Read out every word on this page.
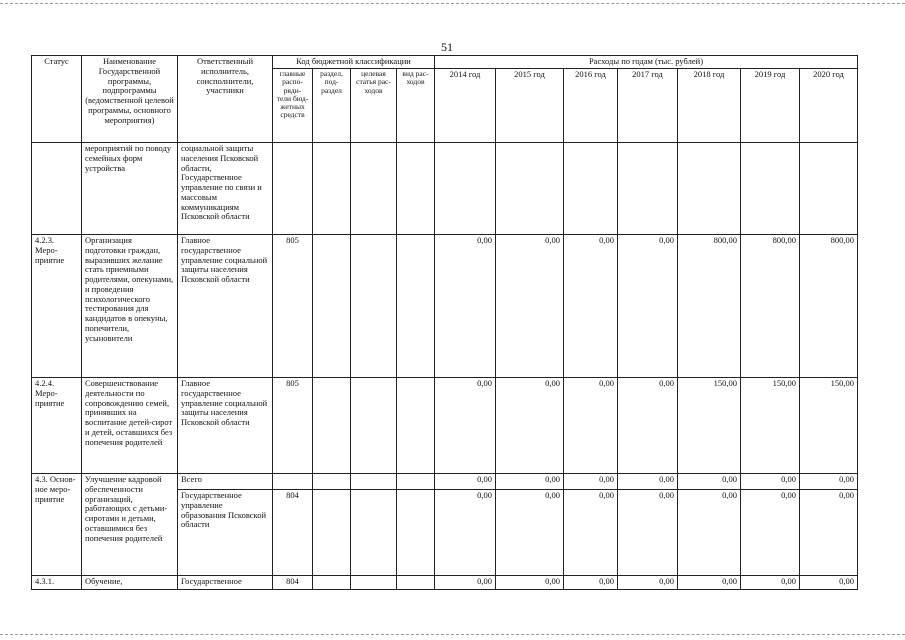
51
Статус	Наименование Государственной программы, подпрограммы (ведомственной целевой программы, основного мероприятия)	Ответственный исполнитель, соисполнители, участники	Код бюджетной классификации				Расходы по годам (тыс. рублей)						
			главные распо- ряди- тели бюд- жетных средств	раздел, под- раздел	целевая статья рас- ходов	вид рас- ходов	2014 год	2015 год	2016 год	2017 год	2018 год	2019 год	2020 год
	мероприятий по поводу семейных форм устройства	социальной защиты населения Псковской области, Государственное управление по связи и массовым коммуникациям Псковской области											
4.2.3. Меро- приятие	Организация подготовки граждан, выразивших желание стать приемными родителями, опекунами, и проведения психологического тестирования для кандидатов в опекуны, попечители, усыновители	Главное государственное управление социальной защиты населения Псковской области	805				0,00	0,00	0,00	0,00	800,00	800,00	800,00
4.2.4. Меро- приятие	Совершенствование деятельности по сопровождению семей, принявших на воспитание детей-сирот и детей, оставшихся без попечения родителей	Главное государственное управление социальной защиты населения Псковской области	805				0,00	0,00	0,00	0,00	150,00	150,00	150,00
4.3. Основ- ное меро- приятие	Улучшение кадровой обеспеченности организаций, работающих с детьми-сиротами и детьми, оставшимися без попечения родителей	Всего					0,00	0,00	0,00	0,00	0,00	0,00	0,00
		Государственное управление образования Псковской области	804				0,00	0,00	0,00	0,00	0,00	0,00	0,00
4.3.1.	Обучение,	Государственное	804				0,00	0,00	0,00	0,00	0,00	0,00	0,00
